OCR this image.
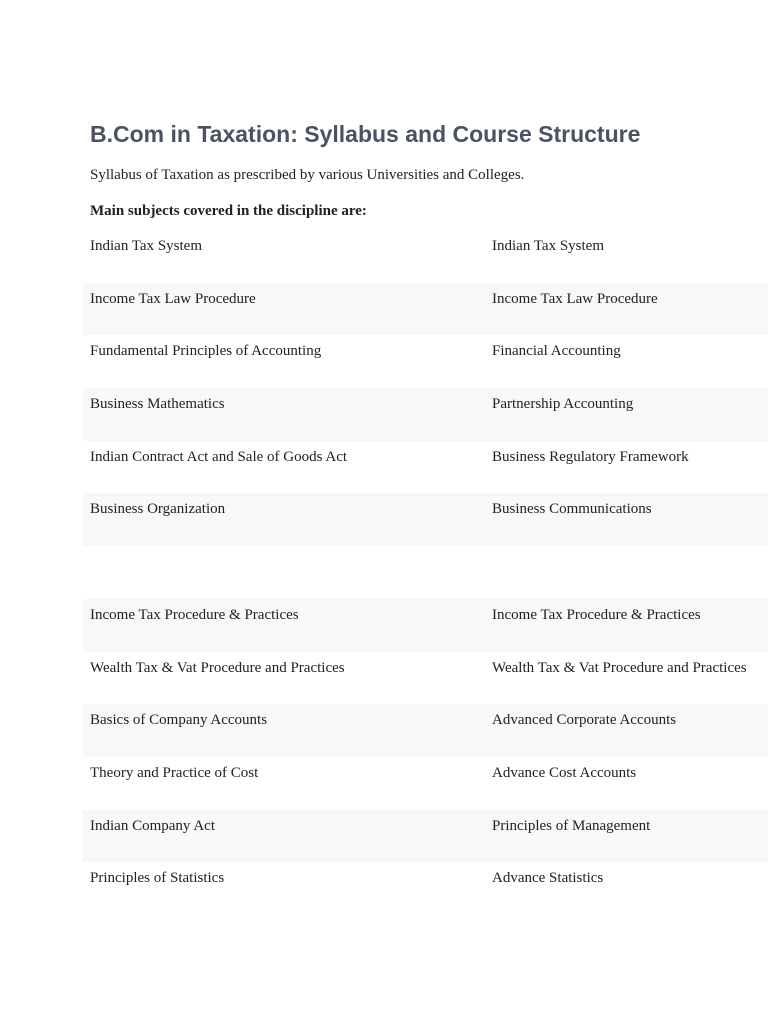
B.Com in Taxation: Syllabus and Course Structure

Syllabus of Taxation as prescribed by various Universities and Colleges.

Main subjects covered in the discipline are:

Indian Tax System	Indian Tax System
Income Tax Law Procedure	Income Tax Law Procedure
Fundamental Principles of Accounting	Financial Accounting
Business Mathematics	Partnership Accounting
Indian Contract Act and Sale of Goods Act	Business Regulatory Framework
Business Organization	Business Communications
Income Tax Procedure & Practices	Income Tax Procedure & Practices
Wealth Tax & Vat Procedure and Practices	Wealth Tax & Vat Procedure and Practices
Basics of Company Accounts	Advanced Corporate Accounts
Theory and Practice of Cost	Advance Cost Accounts
Indian Company Act	Principles of Management
Principles of Statistics	Advance Statistics
